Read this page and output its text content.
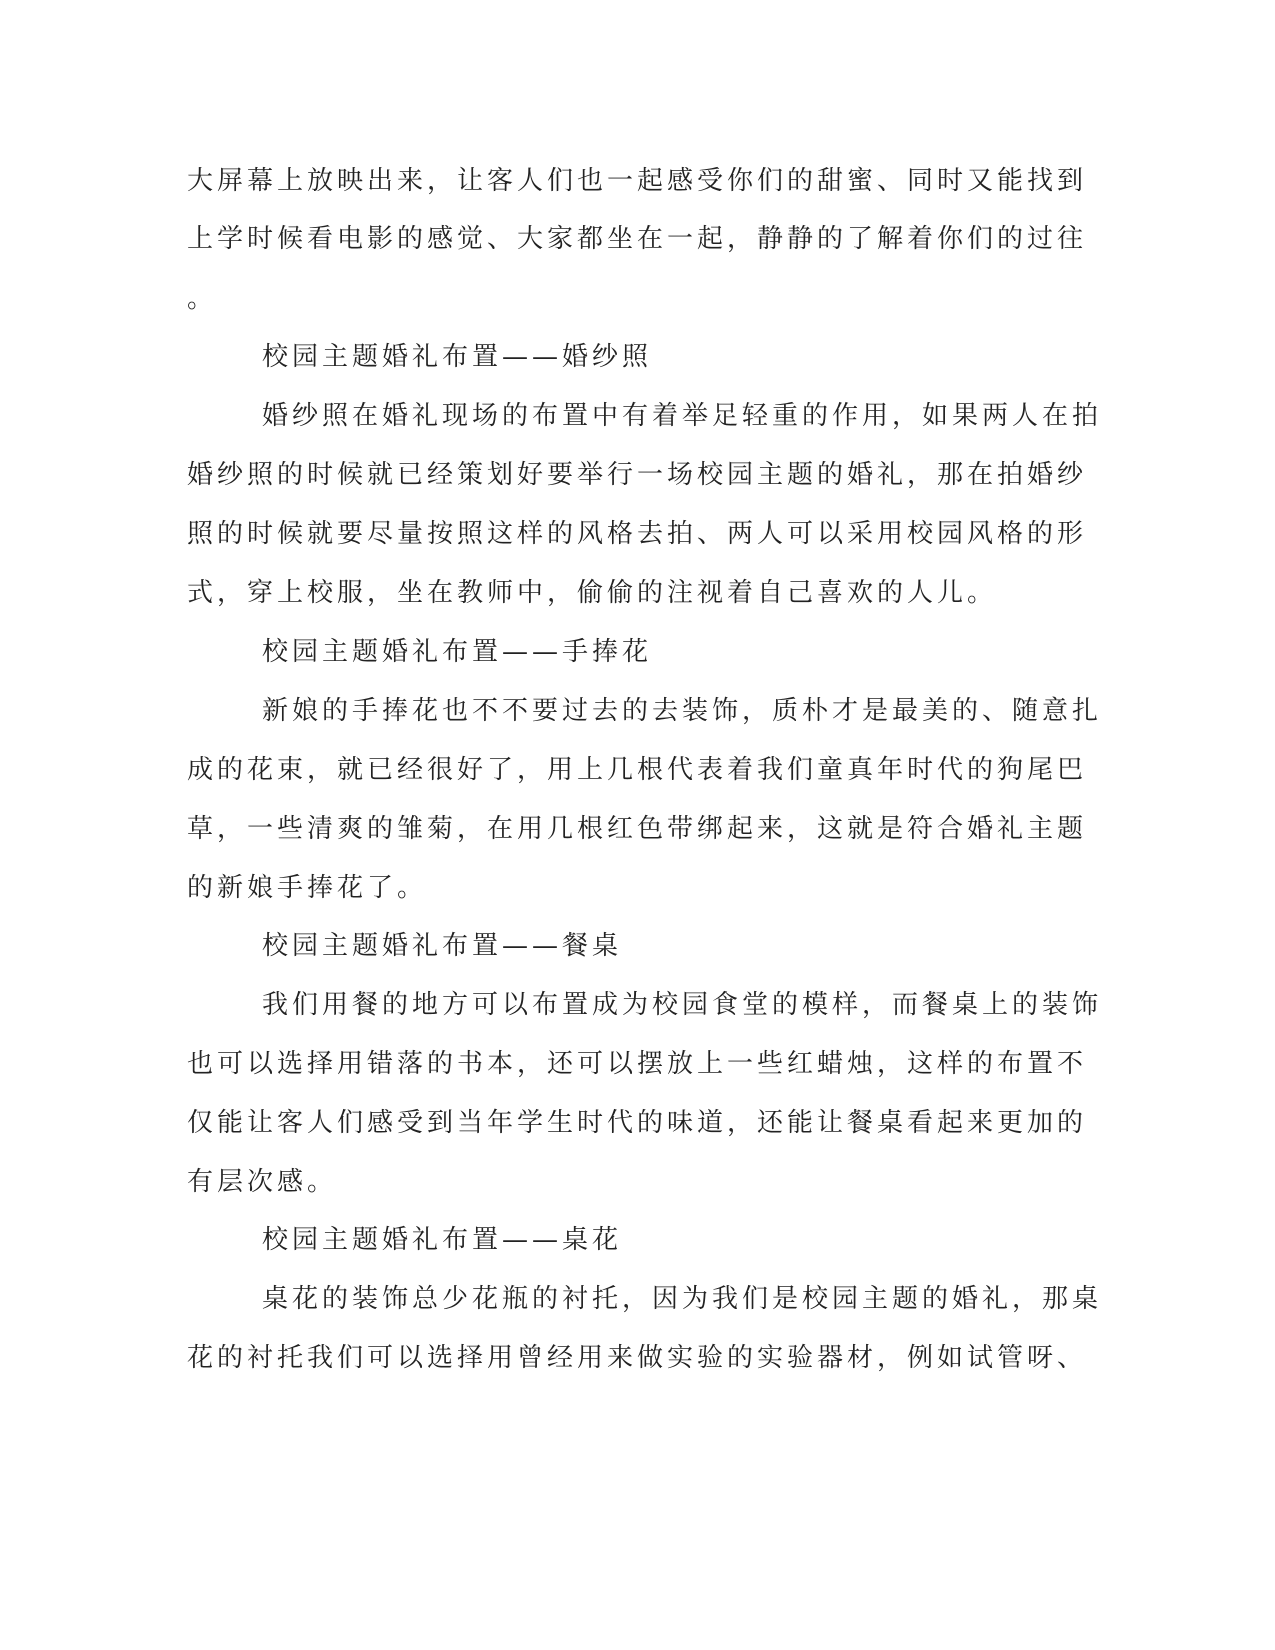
大屏幕上放映出来，让客人们也一起感受你们的甜蜜、同时又能找到
上学时候看电影的感觉、大家都坐在一起，静静的了解着你们的过往
。
校园主题婚礼布置——婚纱照
婚纱照在婚礼现场的布置中有着举足轻重的作用，如果两人在拍
婚纱照的时候就已经策划好要举行一场校园主题的婚礼，那在拍婚纱
照的时候就要尽量按照这样的风格去拍、两人可以采用校园风格的形
式，穿上校服，坐在教师中，偷偷的注视着自己喜欢的人儿。
校园主题婚礼布置——手捧花
新娘的手捧花也不不要过去的去装饰，质朴才是最美的、随意扎
成的花束，就已经很好了，用上几根代表着我们童真年时代的狗尾巴
草，一些清爽的雏菊，在用几根红色带绑起来，这就是符合婚礼主题
的新娘手捧花了。
校园主题婚礼布置——餐桌
我们用餐的地方可以布置成为校园食堂的模样，而餐桌上的装饰
也可以选择用错落的书本，还可以摆放上一些红蜡烛，这样的布置不
仅能让客人们感受到当年学生时代的味道，还能让餐桌看起来更加的
有层次感。
校园主题婚礼布置——桌花
桌花的装饰总少花瓶的衬托，因为我们是校园主题的婚礼，那桌
花的衬托我们可以选择用曾经用来做实验的实验器材，例如试管呀、
